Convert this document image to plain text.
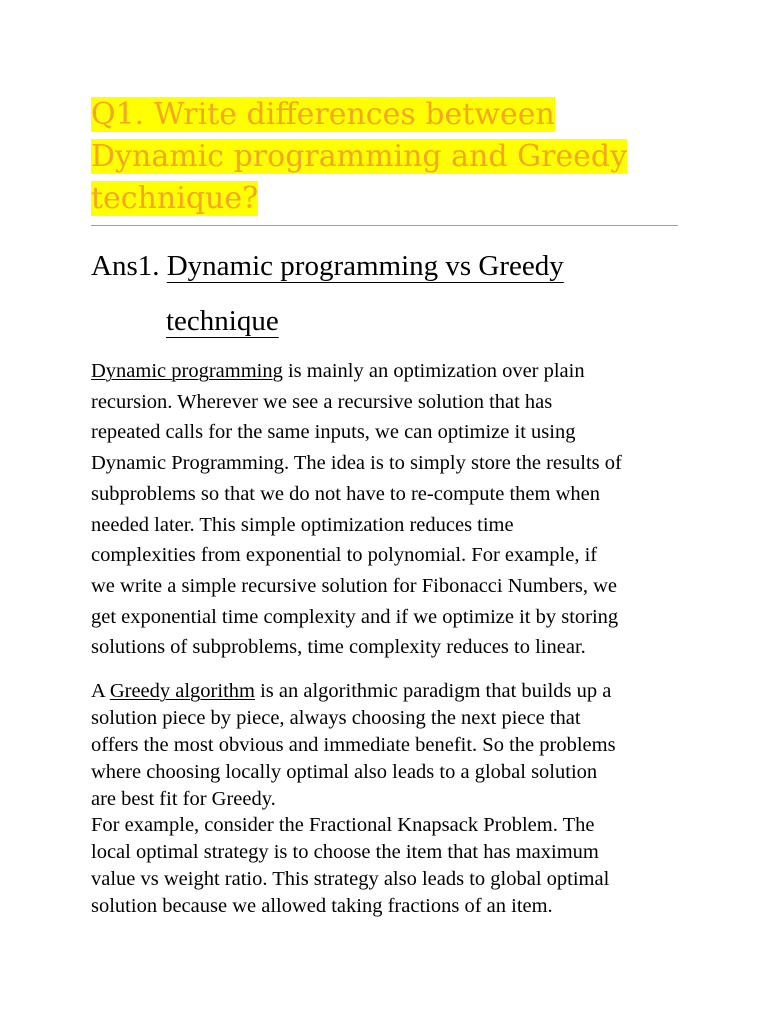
Q1. Write differences between
Dynamic programming and Greedy
technique?
Ans1. Dynamic programming vs Greedy
technique

Dynamic programming is mainly an optimization over plain
recursion. Wherever we see a recursive solution that has
repeated calls for the same inputs, we can optimize it using
Dynamic Programming. The idea is to simply store the results of
subproblems so that we do not have to re-compute them when
needed later. This simple optimization reduces time
complexities from exponential to polynomial. For example, if
we write a simple recursive solution for Fibonacci Numbers, we
get exponential time complexity and if we optimize it by storing
solutions of subproblems, time complexity reduces to linear.

A Greedy algorithm is an algorithmic paradigm that builds up a
solution piece by piece, always choosing the next piece that
offers the most obvious and immediate benefit. So the problems
where choosing locally optimal also leads to a global solution
are best fit for Greedy.

For example, consider the Fractional Knapsack Problem. The
local optimal strategy is to choose the item that has maximum
value vs weight ratio. This strategy also leads to global optimal
solution because we allowed taking fractions of an item.
